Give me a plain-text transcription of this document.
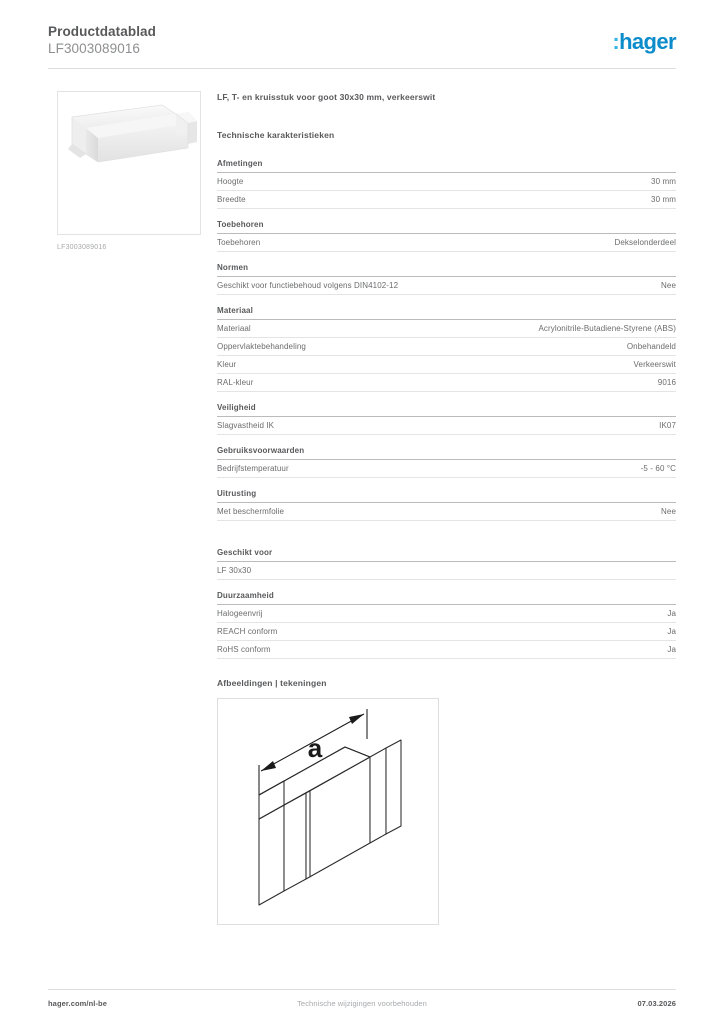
Productdatablad
LF3003089016	:hager
LF3003089016
LF, T- en kruisstuk voor goot 30x30 mm, verkeerswit
Technische karakteristieken
Afmetingen
Hoogte	30 mm
Breedte	30 mm
Toebehoren
Toebehoren	Dekselonderdeel
Normen
Geschikt voor functiebehoud volgens DIN4102-12	Nee
Materiaal
Materiaal	Acrylonitrile-Butadiene-Styrene (ABS)
Oppervlaktebehandeling	Onbehandeld
Kleur	Verkeerswit
RAL-kleur	9016
Veiligheid
Slagvastheid IK	IK07
Gebruiksvoorwaarden
Bedrijfstemperatuur	-5 - 60 °C
Uitrusting
Met beschermfolie	Nee
Geschikt voor
LF 30x30
Duurzaamheid
Halogeenvrij	Ja
REACH conform	Ja
RoHS conform	Ja
Afbeeldingen | tekeningen
a
hager.com/nl-be	Technische wijzigingen voorbehouden	07.03.2026
